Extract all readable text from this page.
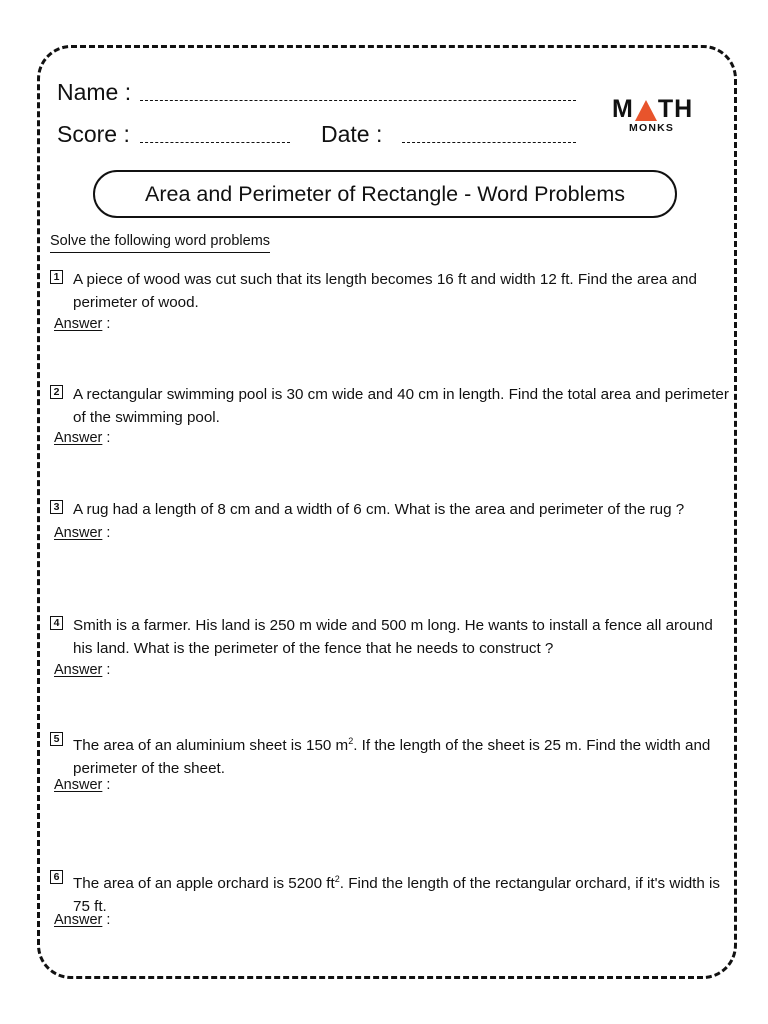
Name :
Score :	Date :
M TH
MONKS
Area and Perimeter of Rectangle - Word Problems
Solve the following word problems
1 A piece of wood was cut such that its length becomes 16 ft and width 12 ft. Find the area and perimeter of wood.
Answer :
2 A rectangular swimming pool is 30 cm wide and 40 cm in length. Find the total area and perimeter of the swimming pool.
Answer :
3 A rug had a length of 8 cm and a width of 6 cm. What is the area and perimeter of the rug ?
Answer :
4 Smith is a farmer. His land is 250 m wide and 500 m long. He wants to install a fence all around his land. What is the perimeter of the fence that he needs to construct ?
Answer :
5 The area of an aluminium sheet is 150 $m^2$. If the length of the sheet is 25 m. Find the width and perimeter of the sheet.
Answer :
6 The area of an apple orchard is 5200 $ft^2$. Find the length of the rectangular orchard, if it's width is 75 ft.
Answer :
